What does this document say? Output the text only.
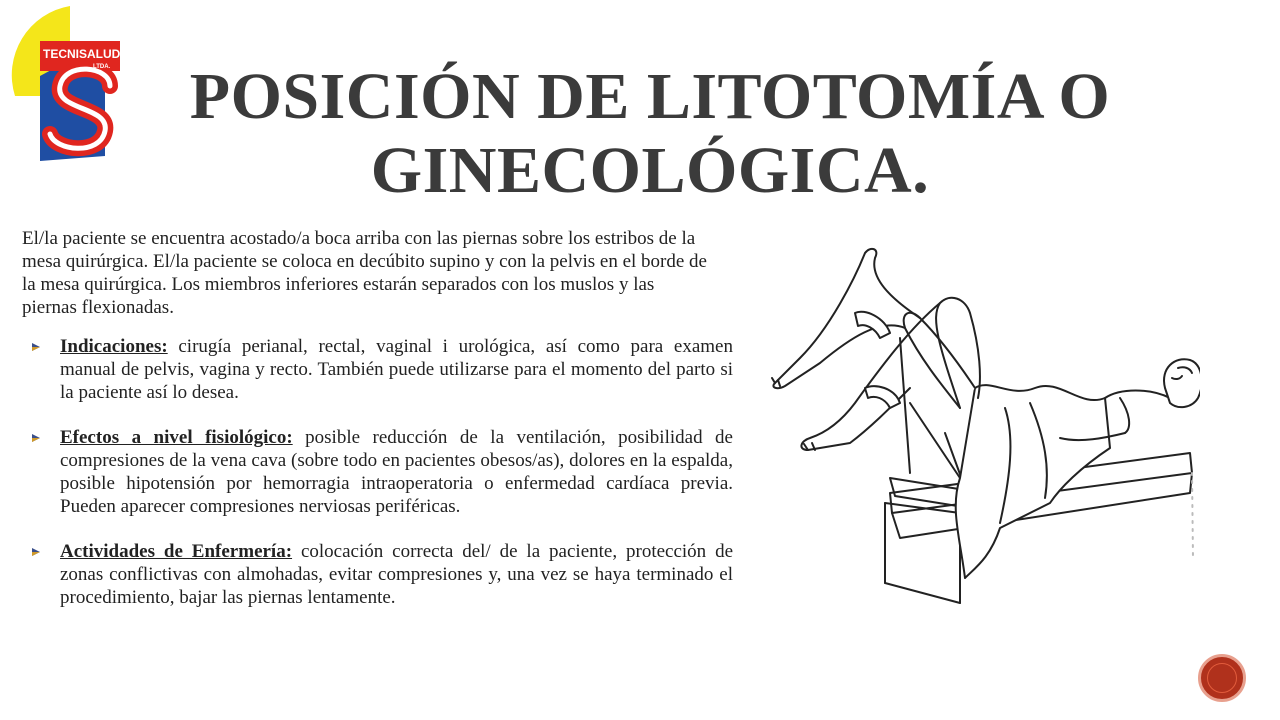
TECNISALUD
LTDA.
S
POSICIÓN DE LITOTOMÍA O
GINECOLÓGICA.

El/la paciente se encuentra acostado/a boca arriba con las piernas sobre los estribos de la mesa quirúrgica. El/la paciente se coloca en decúbito supino y con la pelvis en el borde de la mesa quirúrgica. Los miembros inferiores estarán separados con los muslos y las piernas flexionadas.

Indicaciones: cirugía perianal, rectal, vaginal i urológica, así como para examen manual de pelvis, vagina y recto. También puede utilizarse para el momento del parto si la paciente así lo desea.
Efectos a nivel fisiológico: posible reducción de la ventilación, posibilidad de compresiones de la vena cava (sobre todo en pacientes obesos/as), dolores en la espalda, posible hipotensión por hemorragia intraoperatoria o enfermedad cardíaca previa. Pueden aparecer compresiones nerviosas periféricas.
Actividades de Enfermería: colocación correcta del/ de la paciente, protección de zonas conflictivas con almohadas, evitar compresiones y, una vez se haya terminado el procedimiento, bajar las piernas lentamente.
